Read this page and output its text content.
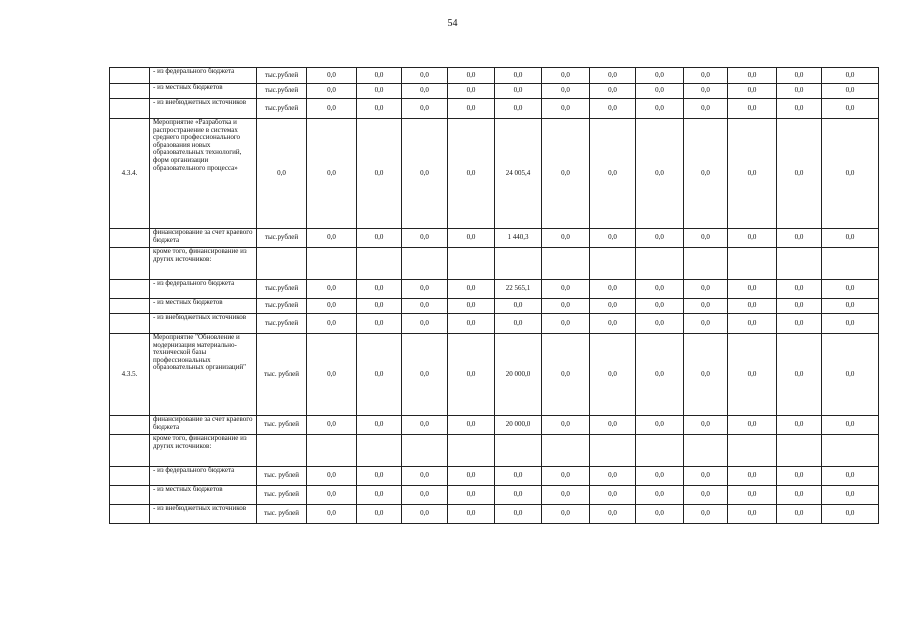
54
	- из федерального бюджета	тыс.рублей	0,0	0,0	0,0	0,0	0,0	0,0	0,0	0,0	0,0	0,0	0,0	0,0
	- из местных бюджетов	тыс.рублей	0,0	0,0	0,0	0,0	0,0	0,0	0,0	0,0	0,0	0,0	0,0	0,0
	- из внебюджетных источников	тыс.рублей	0,0	0,0	0,0	0,0	0,0	0,0	0,0	0,0	0,0	0,0	0,0	0,0
4.3.4.	Мероприятие «Разработка и распространение в системах среднего профессионального образования новых образовательных технологий, форм организации образовательного процесса»	0,0	0,0	0,0	0,0	0,0	24 005,4	0,0	0,0	0,0	0,0	0,0	0,0	0,0
	финансирование за счет краевого бюджета	тыс.рублей	0,0	0,0	0,0	0,0	1 440,3	0,0	0,0	0,0	0,0	0,0	0,0	0,0
	кроме того, финансирование из других источников:													
	- из федерального бюджета	тыс.рублей	0,0	0,0	0,0	0,0	22 565,1	0,0	0,0	0,0	0,0	0,0	0,0	0,0
	- из местных бюджетов	тыс.рублей	0,0	0,0	0,0	0,0	0,0	0,0	0,0	0,0	0,0	0,0	0,0	0,0
	- из внебюджетных источников	тыс.рублей	0,0	0,0	0,0	0,0	0,0	0,0	0,0	0,0	0,0	0,0	0,0	0,0
4.3.5.	Мероприятие "Обновление и модернизация материально-технической базы профессиональных образовательных организаций"	тыс. рублей	0,0	0,0	0,0	0,0	20 000,0	0,0	0,0	0,0	0,0	0,0	0,0	0,0
	финансирование за счет краевого бюджета	тыс. рублей	0,0	0,0	0,0	0,0	20 000,0	0,0	0,0	0,0	0,0	0,0	0,0	0,0
	кроме того, финансирование из других источников:													
	- из федерального бюджета	тыс. рублей	0,0	0,0	0,0	0,0	0,0	0,0	0,0	0,0	0,0	0,0	0,0	0,0
	- из местных бюджетов	тыс. рублей	0,0	0,0	0,0	0,0	0,0	0,0	0,0	0,0	0,0	0,0	0,0	0,0
	- из внебюджетных источников	тыс. рублей	0,0	0,0	0,0	0,0	0,0	0,0	0,0	0,0	0,0	0,0	0,0	0,0
